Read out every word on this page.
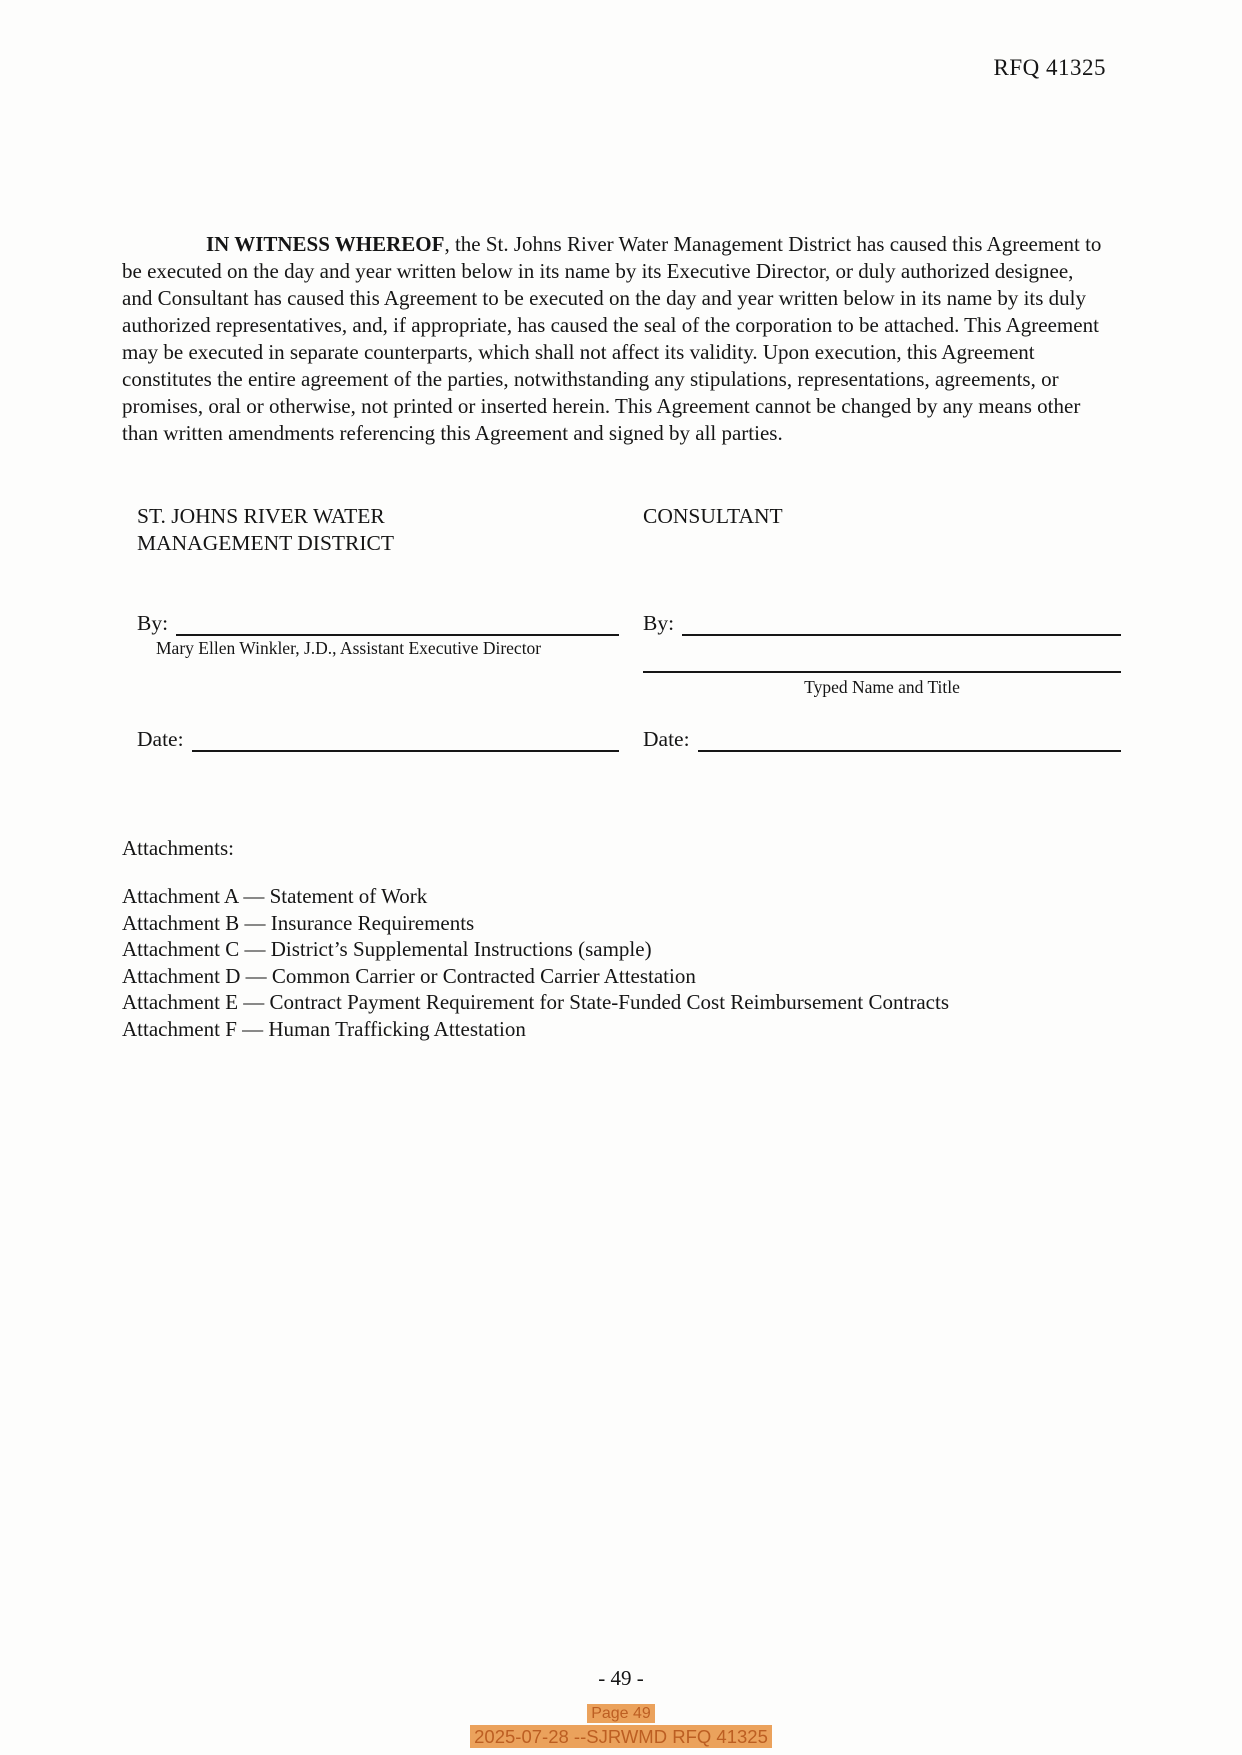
RFQ 41325

IN WITNESS WHEREOF, the St. Johns River Water Management District has caused this Agreement to be executed on the day and year written below in its name by its Executive Director, or duly authorized designee, and Consultant has caused this Agreement to be executed on the day and year written below in its name by its duly authorized representatives, and, if appropriate, has caused the seal of the corporation to be attached. This Agreement may be executed in separate counterparts, which shall not affect its validity. Upon execution, this Agreement constitutes the entire agreement of the parties, notwithstanding any stipulations, representations, agreements, or promises, oral or otherwise, not printed or inserted herein. This Agreement cannot be changed by any means other than written amendments referencing this Agreement and signed by all parties.

ST. JOHNS RIVER WATER
MANAGEMENT DISTRICT
CONSULTANT
By:
Mary Ellen Winkler, J.D., Assistant Executive Director
By:
Typed Name and Title
Date:	Date:
Attachments:
Attachment A — Statement of Work
Attachment B — Insurance Requirements
Attachment C — District’s Supplemental Instructions (sample)
Attachment D — Common Carrier or Contracted Carrier Attestation
Attachment E — Contract Payment Requirement for State-Funded Cost Reimbursement Contracts
Attachment F — Human Trafficking Attestation
- 49 -
Page 49
2025-07-28 --SJRWMD RFQ 41325
